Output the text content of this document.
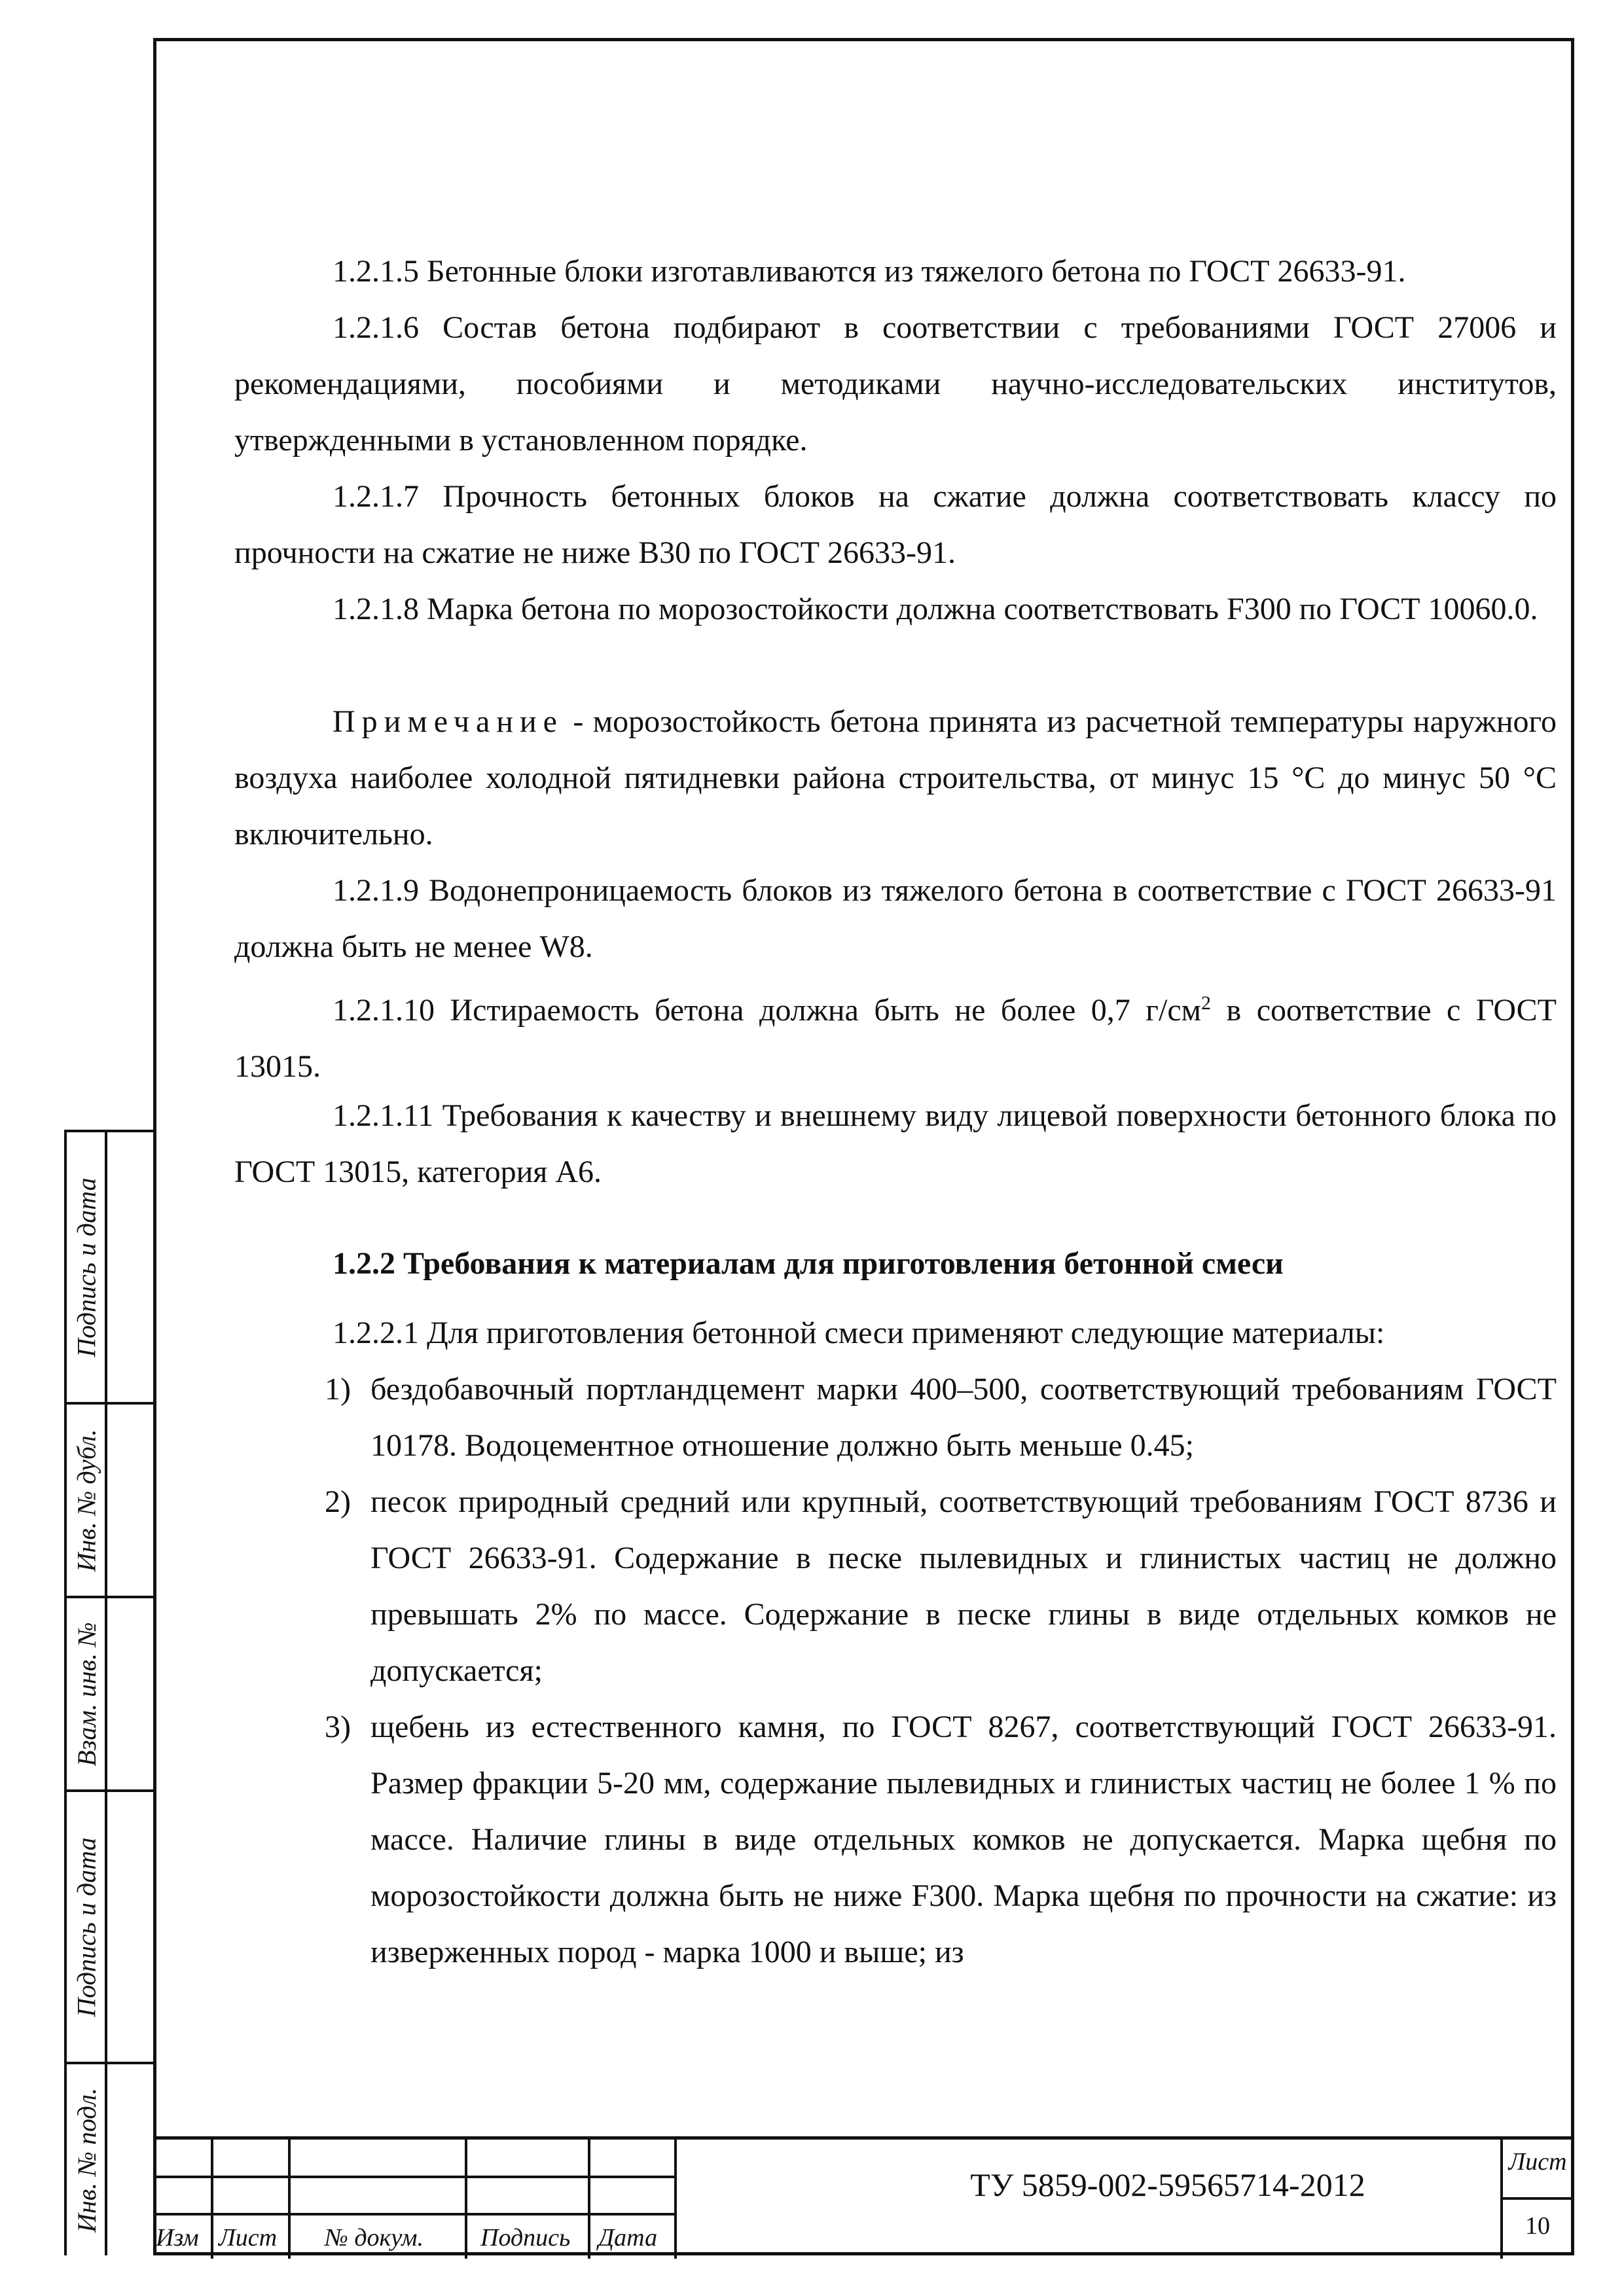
Подпись и дата
Инв. № дубл.
Взам. инв. №
Подпись и дата
Инв. № подл.

1.2.1.5 Бетонные блоки изготавливаются из тяжелого бетона по ГОСТ 26633-91.

1.2.1.6 Состав бетона подбирают в соответствии с требованиями ГОСТ 27006 и рекомендациями, пособиями и методиками научно-исследовательских институтов, утвержденными в установленном порядке.

1.2.1.7 Прочность бетонных блоков на сжатие должна соответствовать классу по прочности на сжатие не ниже В30 по ГОСТ 26633-91.

1.2.1.8 Марка бетона по морозостойкости должна соответствовать F300 по ГОСТ 10060.0.

Примечание - морозостойкость бетона принята из расчетной температуры наружного воздуха наиболее холодной пятидневки района строительства, от минус 15 °С до минус 50 °С включительно.

1.2.1.9 Водонепроницаемость блоков из тяжелого бетона в соответствие с ГОСТ 26633-91 должна быть не менее W8.

1.2.1.10 Истираемость бетона должна быть не более 0,7 $г/см^2$ в соответствие с ГОСТ 13015.

1.2.1.11 Требования к качеству и внешнему виду лицевой поверхности бетонного блока по ГОСТ 13015, категория А6.

1.2.2 Требования к материалам для приготовления бетонной смеси

1.2.2.1 Для приготовления бетонной смеси применяют следующие материалы:

1) бездобавочный портландцемент марки 400–500, соответствующий требованиям ГОСТ 10178. Водоцементное отношение должно быть меньше 0.45;

2) песок природный средний или крупный, соответствующий требованиям ГОСТ 8736 и ГОСТ 26633-91. Содержание в песке пылевидных и глинистых частиц не должно превышать 2% по массе. Содержание в песке глины в виде отдельных комков не допускается;

3) щебень из естественного камня, по ГОСТ 8267, соответствующий ГОСТ 26633-91. Размер фракции 5-20 мм, содержание пылевидных и глинистых частиц не более 1 % по массе. Наличие глины в виде отдельных комков не допускается. Марка щебня по морозостойкости должна быть не ниже F300. Марка щебня по прочности на сжатие: из изверженных пород - марка 1000 и выше; из

Изм Лист № докум. Подпись Дата
ТУ 5859-002-59565714-2012
Лист
10
